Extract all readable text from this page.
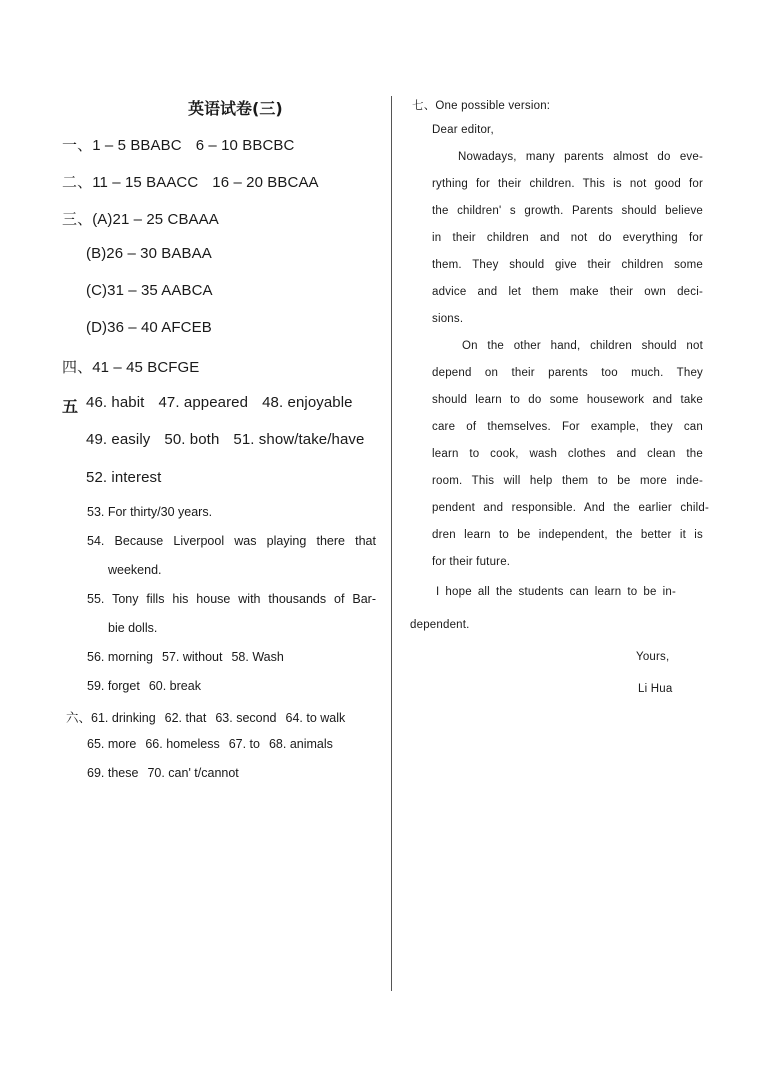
英语试卷(三)
一、1 – 5 BBABC 6 – 10 BBCBC
二、11 – 15 BAACC 16 – 20 BBCAA
三、(A)21 – 25 CBAAA
(B)26 – 30 BABAA
(C)31 – 35 AABCA
(D)36 – 40 AFCEB
四、41 – 45 BCFGE
五 46. habit 47. appeared 48. enjoyable
49. easily 50. both 51. show/take/have
52. interest
53. For thirty/30 years.
54. Because Liverpool was playing there that
weekend.
55. Tony fills his house with thousands of Bar-
bie dolls.
56. morning 57. without 58. Wash
59. forget 60. break
六、61. drinking 62. that 63. second 64. to walk
65. more 66. homeless 67. to 68. animals
69. these 70. can' t/cannot
七、One possible version:
Dear editor,
Nowadays, many parents almost do eve-
rything for their children. This is not good for
the children' s growth. Parents should believe
in their children and not do everything for
them. They should give their children some
advice and let them make their own deci-
sions.
On the other hand, children should not
depend on their parents too much. They
should learn to do some housework and take
care of themselves. For example, they can
learn to cook, wash clothes and clean the
room. This will help them to be more inde-
pendent and responsible. And the earlier child-
dren learn to be independent, the better it is
for their future.
I hope all the students can learn to be in-
dependent.
Yours,
Li Hua
